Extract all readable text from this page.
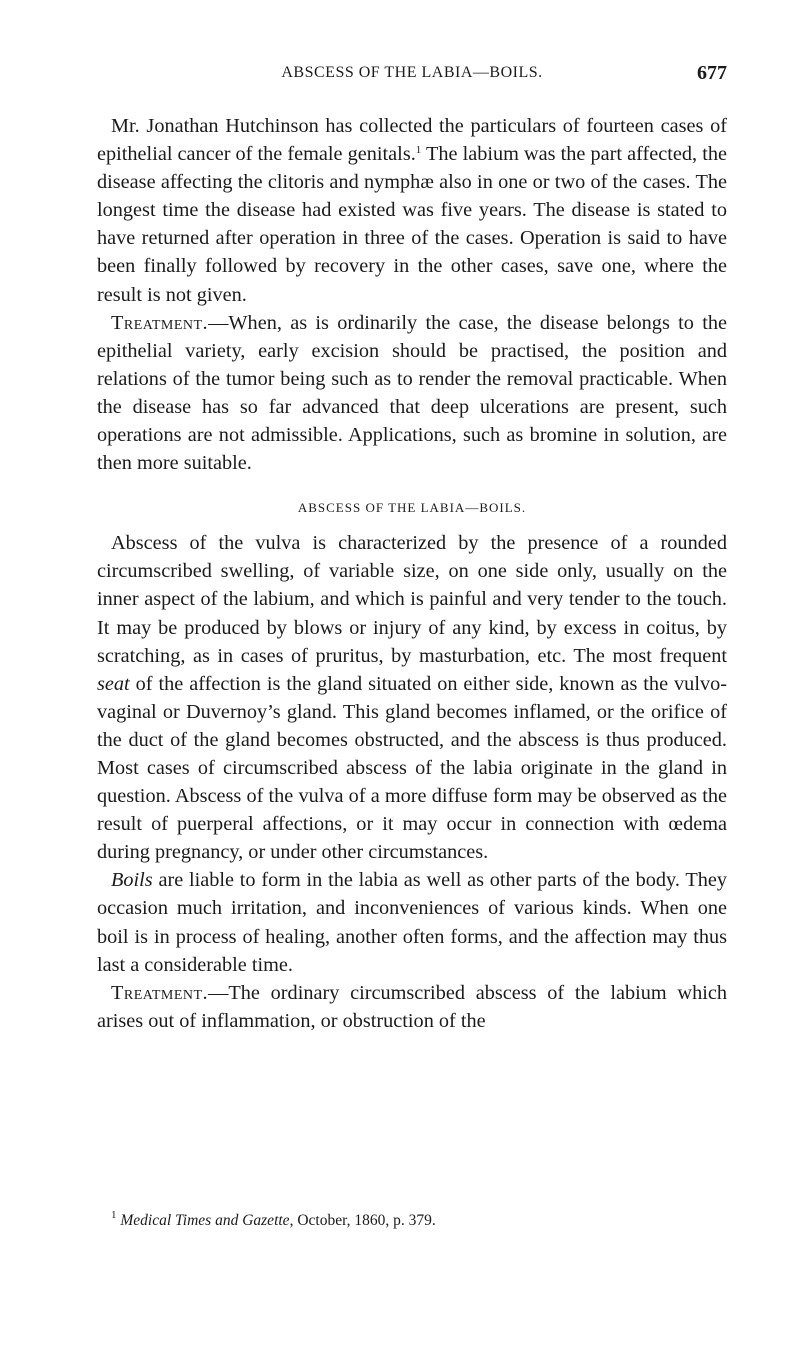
ABSCESS OF THE LABIA—BOILS.	677

Mr. Jonathan Hutchinson has collected the particulars of fourteen cases of epithelial cancer of the female genitals.$^1$ The labium was the part affected, the disease affecting the clitoris and nymphæ also in one or two of the cases. The longest time the disease had existed was five years. The disease is stated to have returned after operation in three of the cases. Operation is said to have been finally followed by recovery in the other cases, save one, where the result is not given.

Treatment.—When, as is ordinarily the case, the disease belongs to the epithelial variety, early excision should be practised, the position and relations of the tumor being such as to render the removal practicable. When the disease has so far advanced that deep ulcerations are present, such operations are not admissible. Applications, such as bromine in solution, are then more suitable.

ABSCESS OF THE LABIA—BOILS.

Abscess of the vulva is characterized by the presence of a rounded circumscribed swelling, of variable size, on one side only, usually on the inner aspect of the labium, and which is painful and very tender to the touch. It may be produced by blows or injury of any kind, by excess in coitus, by scratching, as in cases of pruritus, by masturbation, etc. The most frequent seat of the affection is the gland situated on either side, known as the vulvo-vaginal or Duvernoy’s gland. This gland becomes inflamed, or the orifice of the duct of the gland becomes obstructed, and the abscess is thus produced. Most cases of circumscribed abscess of the labia originate in the gland in question. Abscess of the vulva of a more diffuse form may be observed as the result of puerperal affections, or it may occur in connection with œdema during pregnancy, or under other circumstances.

Boils are liable to form in the labia as well as other parts of the body. They occasion much irritation, and inconveniences of various kinds. When one boil is in process of healing, another often forms, and the affection may thus last a considerable time.

Treatment.—The ordinary circumscribed abscess of the labium which arises out of inflammation, or obstruction of the

$^1$ Medical Times and Gazette, October, 1860, p. 379.
